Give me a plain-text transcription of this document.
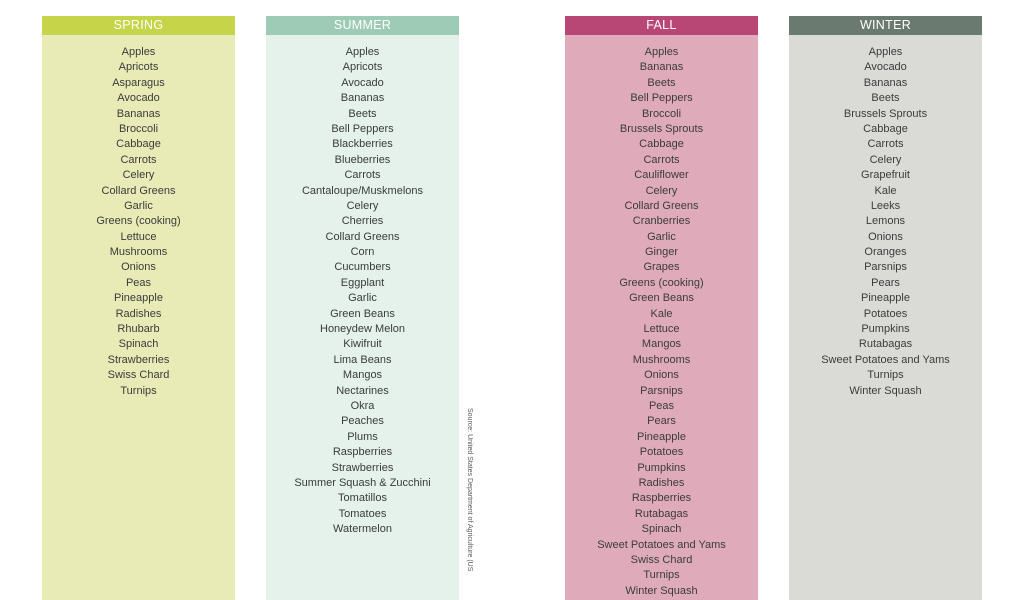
SPRING
Apples
Apricots
Asparagus
Avocado
Bananas
Broccoli
Cabbage
Carrots
Celery
Collard Greens
Garlic
Greens (cooking)
Lettuce
Mushrooms
Onions
Peas
Pineapple
Radishes
Rhubarb
Spinach
Strawberries
Swiss Chard
Turnips
SUMMER
Apples
Apricots
Avocado
Bananas
Beets
Bell Peppers
Blackberries
Blueberries
Carrots
Cantaloupe/Muskmelons
Celery
Cherries
Collard Greens
Corn
Cucumbers
Eggplant
Garlic
Green Beans
Honeydew Melon
Kiwifruit
Lima Beans
Mangos
Nectarines
Okra
Peaches
Plums
Raspberries
Strawberries
Summer Squash & Zucchini
Tomatillos
Tomatoes
Watermelon	Source: United States Department of Agriculture (US
FALL
Apples
Bananas
Beets
Bell Peppers
Broccoli
Brussels Sprouts
Cabbage
Carrots
Cauliflower
Celery
Collard Greens
Cranberries
Garlic
Ginger
Grapes
Greens (cooking)
Green Beans
Kale
Lettuce
Mangos
Mushrooms
Onions
Parsnips
Peas
Pears
Pineapple
Potatoes
Pumpkins
Radishes
Raspberries
Rutabagas
Spinach
Sweet Potatoes and Yams
Swiss Chard
Turnips
Winter Squash
WINTER
Apples
Avocado
Bananas
Beets
Brussels Sprouts
Cabbage
Carrots
Celery
Grapefruit
Kale
Leeks
Lemons
Onions
Oranges
Parsnips
Pears
Pineapple
Potatoes
Pumpkins
Rutabagas
Sweet Potatoes and Yams
Turnips
Winter Squash
